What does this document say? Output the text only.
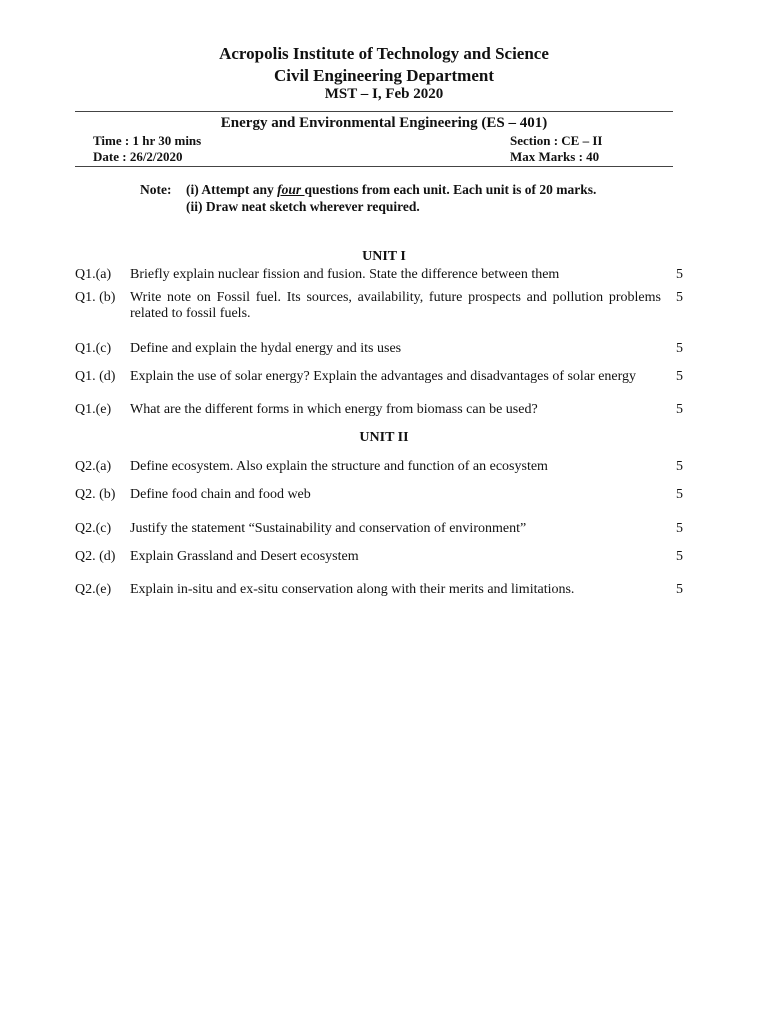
Acropolis Institute of Technology and Science
Civil Engineering Department
MST – I, Feb 2020
Energy and Environmental Engineering (ES – 401)
Time : 1 hr 30 mins
Date : 26/2/2020
Section : CE – II
Max Marks : 40
Note: (i) Attempt any four questions from each unit. Each unit is of 20 marks.
(ii) Draw neat sketch wherever required.
UNIT I
Q1.(a)	Briefly explain nuclear fission and fusion. State the difference between them	5
Q1. (b)	Write note on Fossil fuel. Its sources, availability, future prospects and pollution problems related to fossil fuels.
5
Q1.(c)	Define and explain the hydal energy and its uses	5
Q1. (d)	Explain the use of solar energy? Explain the advantages and disadvantages of solar energy	5
Q1.(e)	What are the different forms in which energy from biomass can be used?	5
UNIT II
Q2.(a)	Define ecosystem. Also explain the structure and function of an ecosystem	5
Q2. (b)	Define food chain and food web	5
Q2.(c)	Justify the statement “Sustainability and conservation of environment”	5
Q2. (d)	Explain Grassland and Desert ecosystem	5
Q2.(e)	Explain in-situ and ex-situ conservation along with their merits and limitations.	5
